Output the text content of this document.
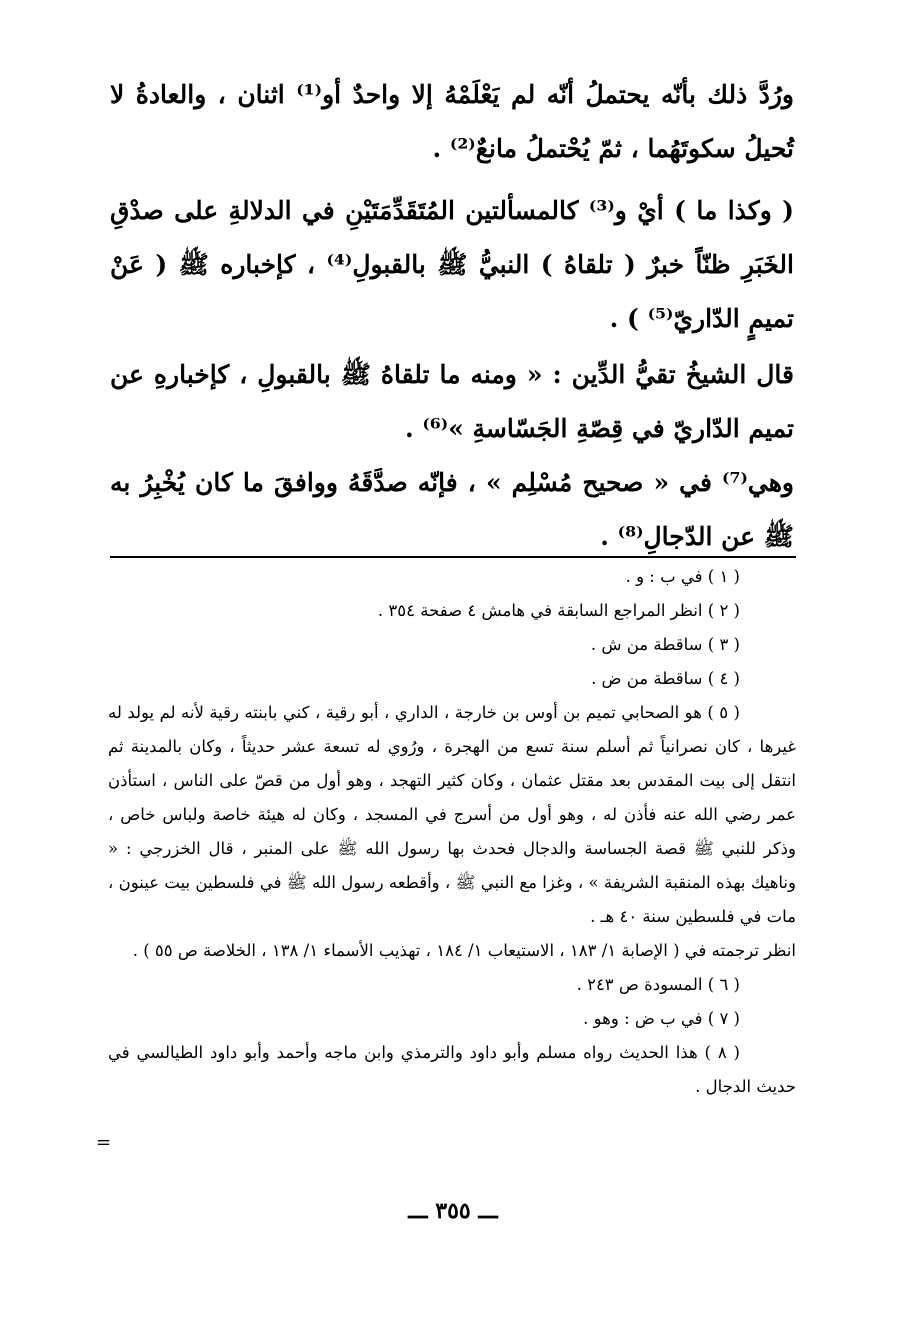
ورُدَّ ذلك بأنّه يحتملُ أنّه لم يَعْلَمْهُ إلا واحدٌ أو⁽¹⁾ اثنان ، والعادةُ لا تُحيلُ سكوتَهُما ، ثمّ يُحْتملُ مانعٌ⁽²⁾ .

( وكذا ما ) أيْ و⁽³⁾ كالمسألتين المُتَقَدِّمَتَيْنِ في الدلالةِ على صدْقِ الخَبَرِ ظنّاً خبرٌ ( تلقاهُ ) النبيُّ ﷺ بالقبولِ⁽⁴⁾ ، كإخباره ﷺ ( عَنْ تميمٍ الدّاريّ⁽⁵⁾ ) .

قال الشيخُ تقيُّ الدِّين : « ومنه ما تلقاهُ ﷺ بالقبولِ ، كإخبارهِ عن تميم الدّاريّ في قِصّةِ الجَسّاسةِ »⁽⁶⁾ .

وهي⁽⁷⁾ في « صحيح مُسْلِم » ، فإنّه صدَّقَهُ ووافقَ ما كان يُخْبِرُ به ﷺ عن الدّجالِ⁽⁸⁾ .

( ١ ) في ب : و .

( ٢ ) انظر المراجع السابقة في هامش ٤ صفحة ٣٥٤ .

( ٣ ) ساقطة من ش .

( ٤ ) ساقطة من ض .

( ٥ ) هو الصحابي تميم بن أوس بن خارجة ، الداري ، أبو رقية ، كني بابنته رقية لأنه لم يولد له غيرها ، كان نصرانياً ثم أسلم سنة تسع من الهجرة ، ورُوي له تسعة عشر حديثاً ، وكان بالمدينة ثم انتقل إلى بيت المقدس بعد مقتل عثمان ، وكان كثير التهجد ، وهو أول من قصّ على الناس ، استأذن عمر رضي الله عنه فأذن له ، وهو أول من أسرج في المسجد ، وكان له هيئة خاصة ولباس خاص ، وذكر للنبي ﷺ قصة الجساسة والدجال فحدث بها رسول الله ﷺ على المنبر ، قال الخزرجي : « وناهيك بهذه المنقبة الشريفة » ، وغزا مع النبي ﷺ ، وأقطعه رسول الله ﷺ في فلسطين بيت عينون ، مات في فلسطين سنة ٤٠ هـ .

انظر ترجمته في ( الإصابة ١/ ١٨٣ ، الاستيعاب ١/ ١٨٤ ، تهذيب الأسماء ١/ ١٣٨ ، الخلاصة ص ٥٥ ) .

( ٦ ) المسودة ص ٢٤٣ .

( ٧ ) في ب ض : وهو .

( ٨ ) هذا الحديث رواه مسلم وأبو داود والترمذي وابن ماجه وأحمد وأبو داود الطيالسي في حديث الدجال .

=
ـــ ٣٥٥ ـــ
